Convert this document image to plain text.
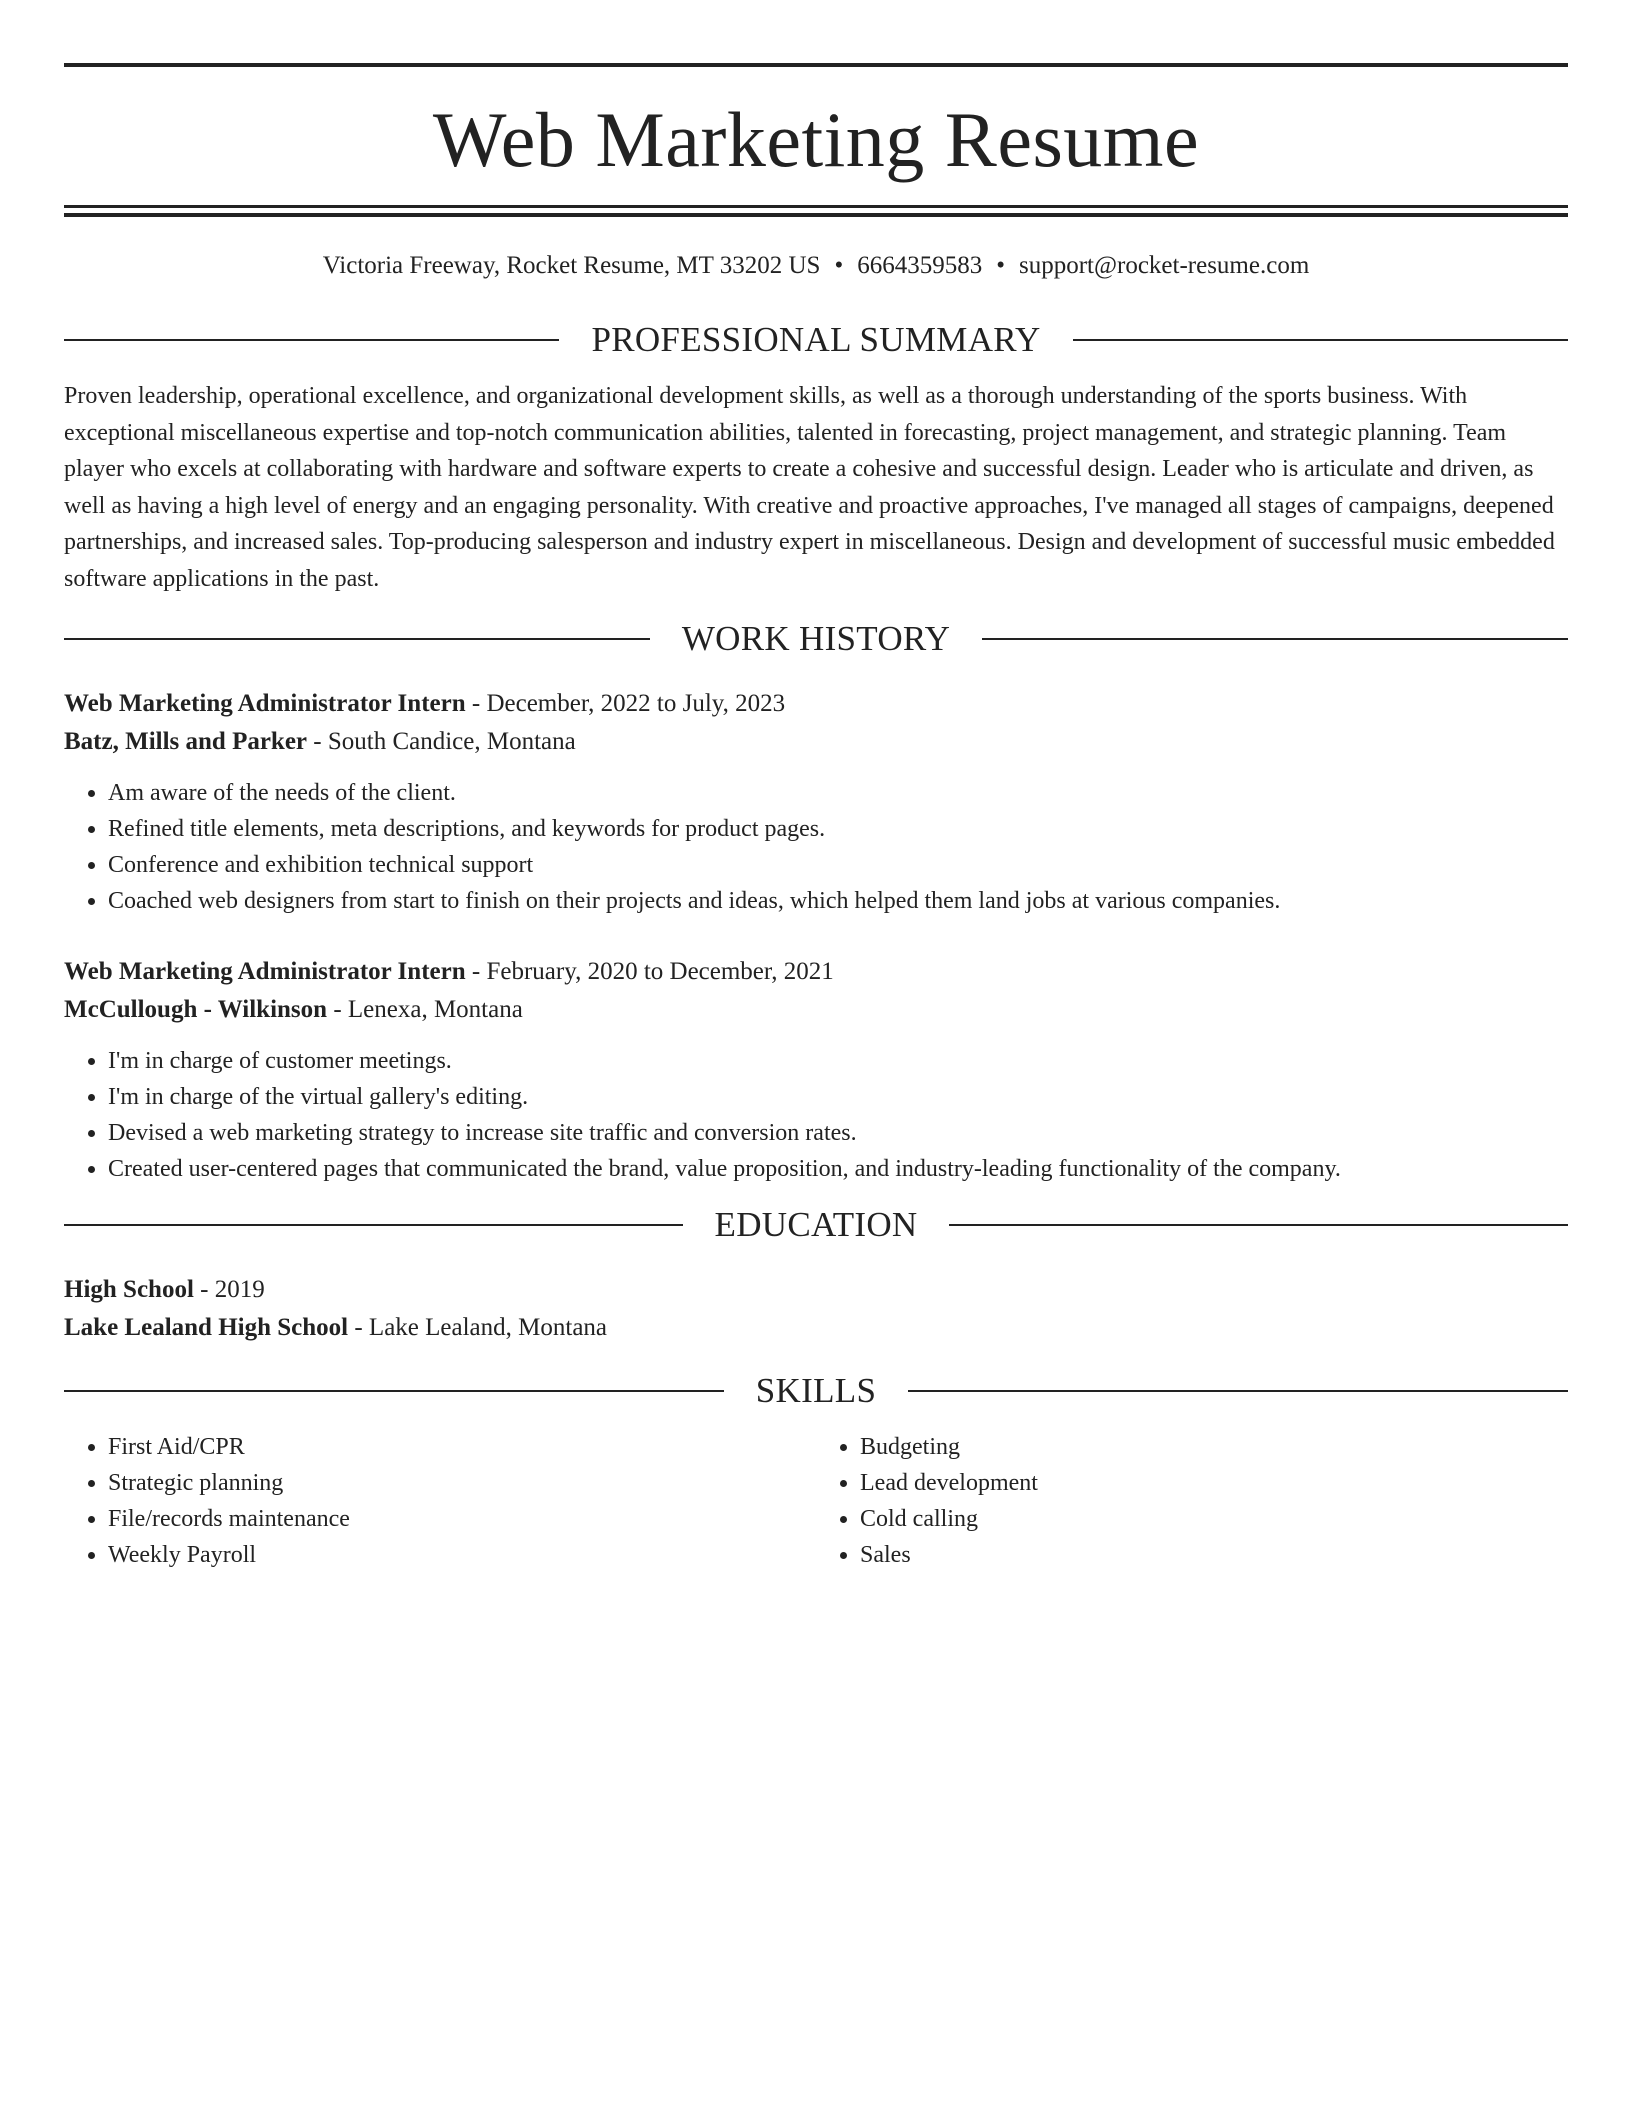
Web Marketing Resume
Victoria Freeway, Rocket Resume, MT 33202 US • 6664359583 • support@rocket-resume.com
PROFESSIONAL SUMMARY

Proven leadership, operational excellence, and organizational development skills, as well as a thorough understanding of the sports business. With exceptional miscellaneous expertise and top-notch communication abilities, talented in forecasting, project management, and strategic planning. Team player who excels at collaborating with hardware and software experts to create a cohesive and successful design. Leader who is articulate and driven, as well as having a high level of energy and an engaging personality. With creative and proactive approaches, I've managed all stages of campaigns, deepened partnerships, and increased sales. Top-producing salesperson and industry expert in miscellaneous. Design and development of successful music embedded software applications in the past.

WORK HISTORY
Web Marketing Administrator Intern - December, 2022 to July, 2023
Batz, Mills and Parker - South Candice, Montana
• Am aware of the needs of the client.
• Refined title elements, meta descriptions, and keywords for product pages.
• Conference and exhibition technical support
• Coached web designers from start to finish on their projects and ideas, which helped them land jobs at various companies.
Web Marketing Administrator Intern - February, 2020 to December, 2021
McCullough - Wilkinson - Lenexa, Montana
• I'm in charge of customer meetings.
• I'm in charge of the virtual gallery's editing.
• Devised a web marketing strategy to increase site traffic and conversion rates.
• Created user-centered pages that communicated the brand, value proposition, and industry-leading functionality of the company.
EDUCATION
High School - 2019
Lake Lealand High School - Lake Lealand, Montana
SKILLS
• First Aid/CPR
• Strategic planning
• File/records maintenance
• Weekly Payroll
• Budgeting
• Lead development
• Cold calling
• Sales
